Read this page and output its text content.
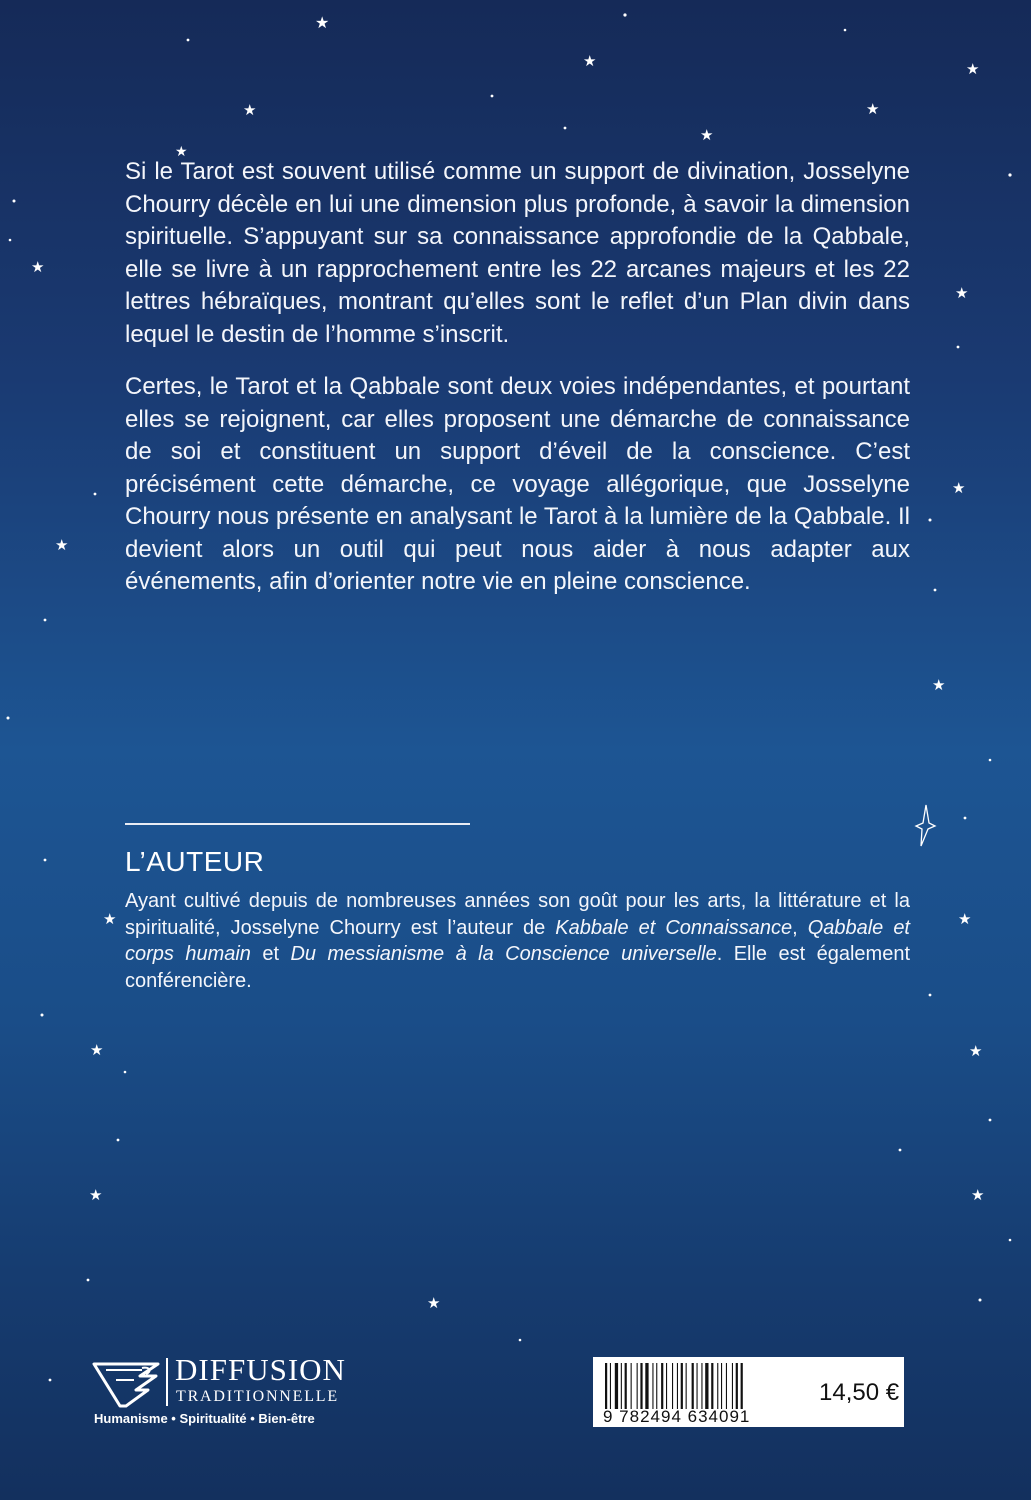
★
★	★
★	★
★
★
★
★
★
★
★
★	★
★	★
★	★
★

Si le Tarot est souvent utilisé comme un support de divination, Josselyne Chourry décèle en lui une dimension plus profonde, à savoir la dimension spirituelle. S’appuyant sur sa connaissance approfondie de la Qabbale, elle se livre à un rapprochement entre les 22 arcanes majeurs et les 22 lettres hébraïques, montrant qu’elles sont le reflet d’un Plan divin dans lequel le destin de l’homme s’inscrit.

Certes, le Tarot et la Qabbale sont deux voies indépendantes, et pourtant elles se rejoignent, car elles proposent une démarche de connaissance de soi et constituent un support d’éveil de la conscience. C’est précisément cette démarche, ce voyage allégorique, que Josselyne Chourry nous présente en analysant le Tarot à la lumière de la Qabbale. Il devient alors un outil qui peut nous aider à nous adapter aux événements, afin d’orienter notre vie en pleine conscience.

L’AUTEUR
Ayant cultivé depuis de nombreuses années son goût pour les arts, la littérature et la spiritualité, Josselyne Chourry est l’auteur de Kabbale et Connaissance, Qabbale et corps humain et Du messianisme à la Conscience universelle. Elle est également conférencière.
DIFFUSION
TRADITIONNELLE
Humanisme • Spiritualité • Bien-être	9 782494 634091
14,50 €
